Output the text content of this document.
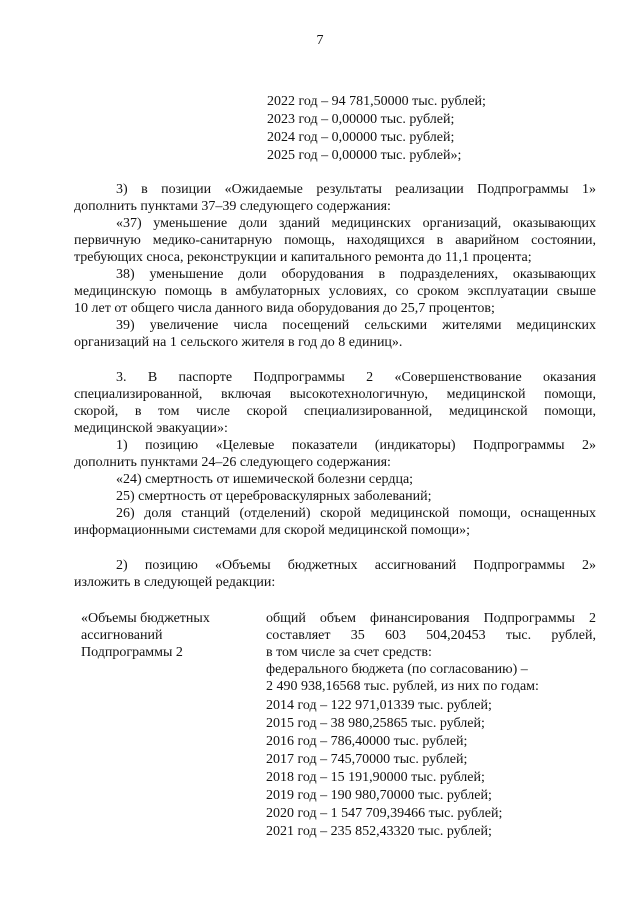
7
2022 год – 94 781,50000 тыс. рублей;
2023 год – 0,00000 тыс. рублей;
2024 год – 0,00000 тыс. рублей;
2025 год – 0,00000 тыс. рублей»;
3) в позиции «Ожидаемые результаты реализации Подпрограммы 1»
дополнить пунктами 37–39 следующего содержания:
«37) уменьшение доли зданий медицинских организаций, оказывающих
первичную медико-санитарную помощь, находящихся в аварийном состоянии,
требующих сноса, реконструкции и капитального ремонта до 11,1 процента;
38) уменьшение доли оборудования в подразделениях, оказывающих
медицинскую помощь в амбулаторных условиях, со сроком эксплуатации свыше
10 лет от общего числа данного вида оборудования до 25,7 процентов;
39) увеличение числа посещений сельскими жителями медицинских
организаций на 1 сельского жителя в год до 8 единиц».
3. В паспорте Подпрограммы 2 «Совершенствование оказания
специализированной, включая высокотехнологичную, медицинской помощи,
скорой, в том числе скорой специализированной, медицинской помощи,
медицинской эвакуации»:
1) позицию «Целевые показатели (индикаторы) Подпрограммы 2»
дополнить пунктами 24–26 следующего содержания:
«24) смертность от ишемической болезни сердца;
25) смертность от цереброваскулярных заболеваний;
26) доля станций (отделений) скорой медицинской помощи, оснащенных
информационными системами для скорой медицинской помощи»;
2) позицию «Объемы бюджетных ассигнований Подпрограммы 2»
изложить в следующей редакции:
«Объемы бюджетных
ассигнований
Подпрограммы 2
общий объем финансирования Подпрограммы 2
составляет 35 603 504,20453 тыс. рублей,
в том числе за счет средств:
федерального бюджета (по согласованию) –
2 490 938,16568 тыс. рублей, из них по годам:
2014 год – 122 971,01339 тыс. рублей;
2015 год – 38 980,25865 тыс. рублей;
2016 год – 786,40000 тыс. рублей;
2017 год – 745,70000 тыс. рублей;
2018 год – 15 191,90000 тыс. рублей;
2019 год – 190 980,70000 тыс. рублей;
2020 год – 1 547 709,39466 тыс. рублей;
2021 год – 235 852,43320 тыс. рублей;
